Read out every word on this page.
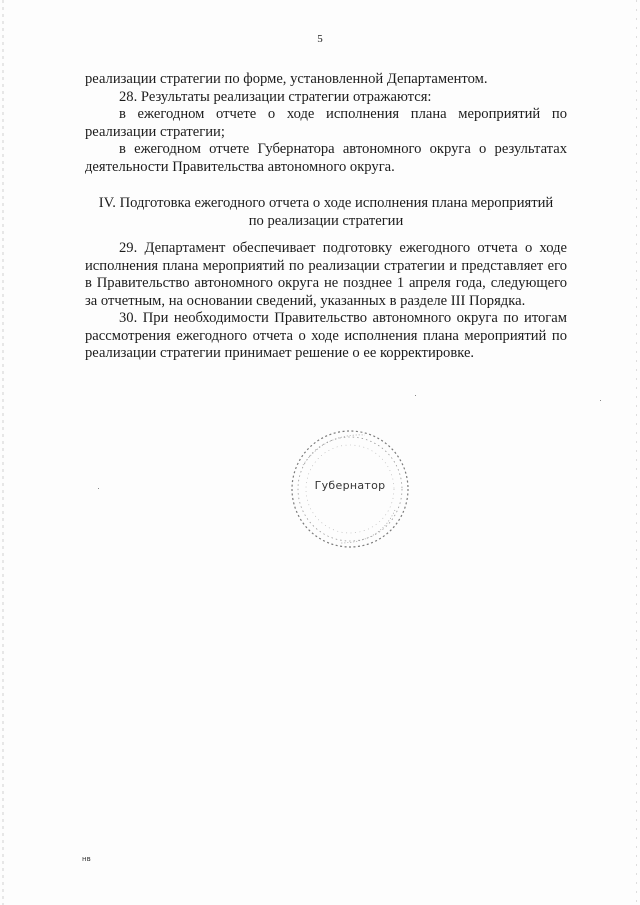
5

реализации стратегии по форме, установленной Департаментом.

28. Результаты реализации стратегии отражаются:

в ежегодном отчете о ходе исполнения плана мероприятий по реализации стратегии;

в ежегодном отчете Губернатора автономного округа о результатах деятельности Правительства автономного округа.

IV. Подготовка ежегодного отчета о ходе исполнения плана мероприятий
по реализации стратегии

29. Департамент обеспечивает подготовку ежегодного отчета о ходе исполнения плана мероприятий по реализации стратегии и представляет его в Правительство автономного округа не позднее 1 апреля года, следующего за отчетным, на основании сведений, указанных в разделе III Порядка.

30. При необходимости Правительство автономного округа по итогам рассмотрения ежегодного отчета о ходе исполнения плана мероприятий по реализации стратегии принимает решение о ее корректировке.

Губернатор
нв
